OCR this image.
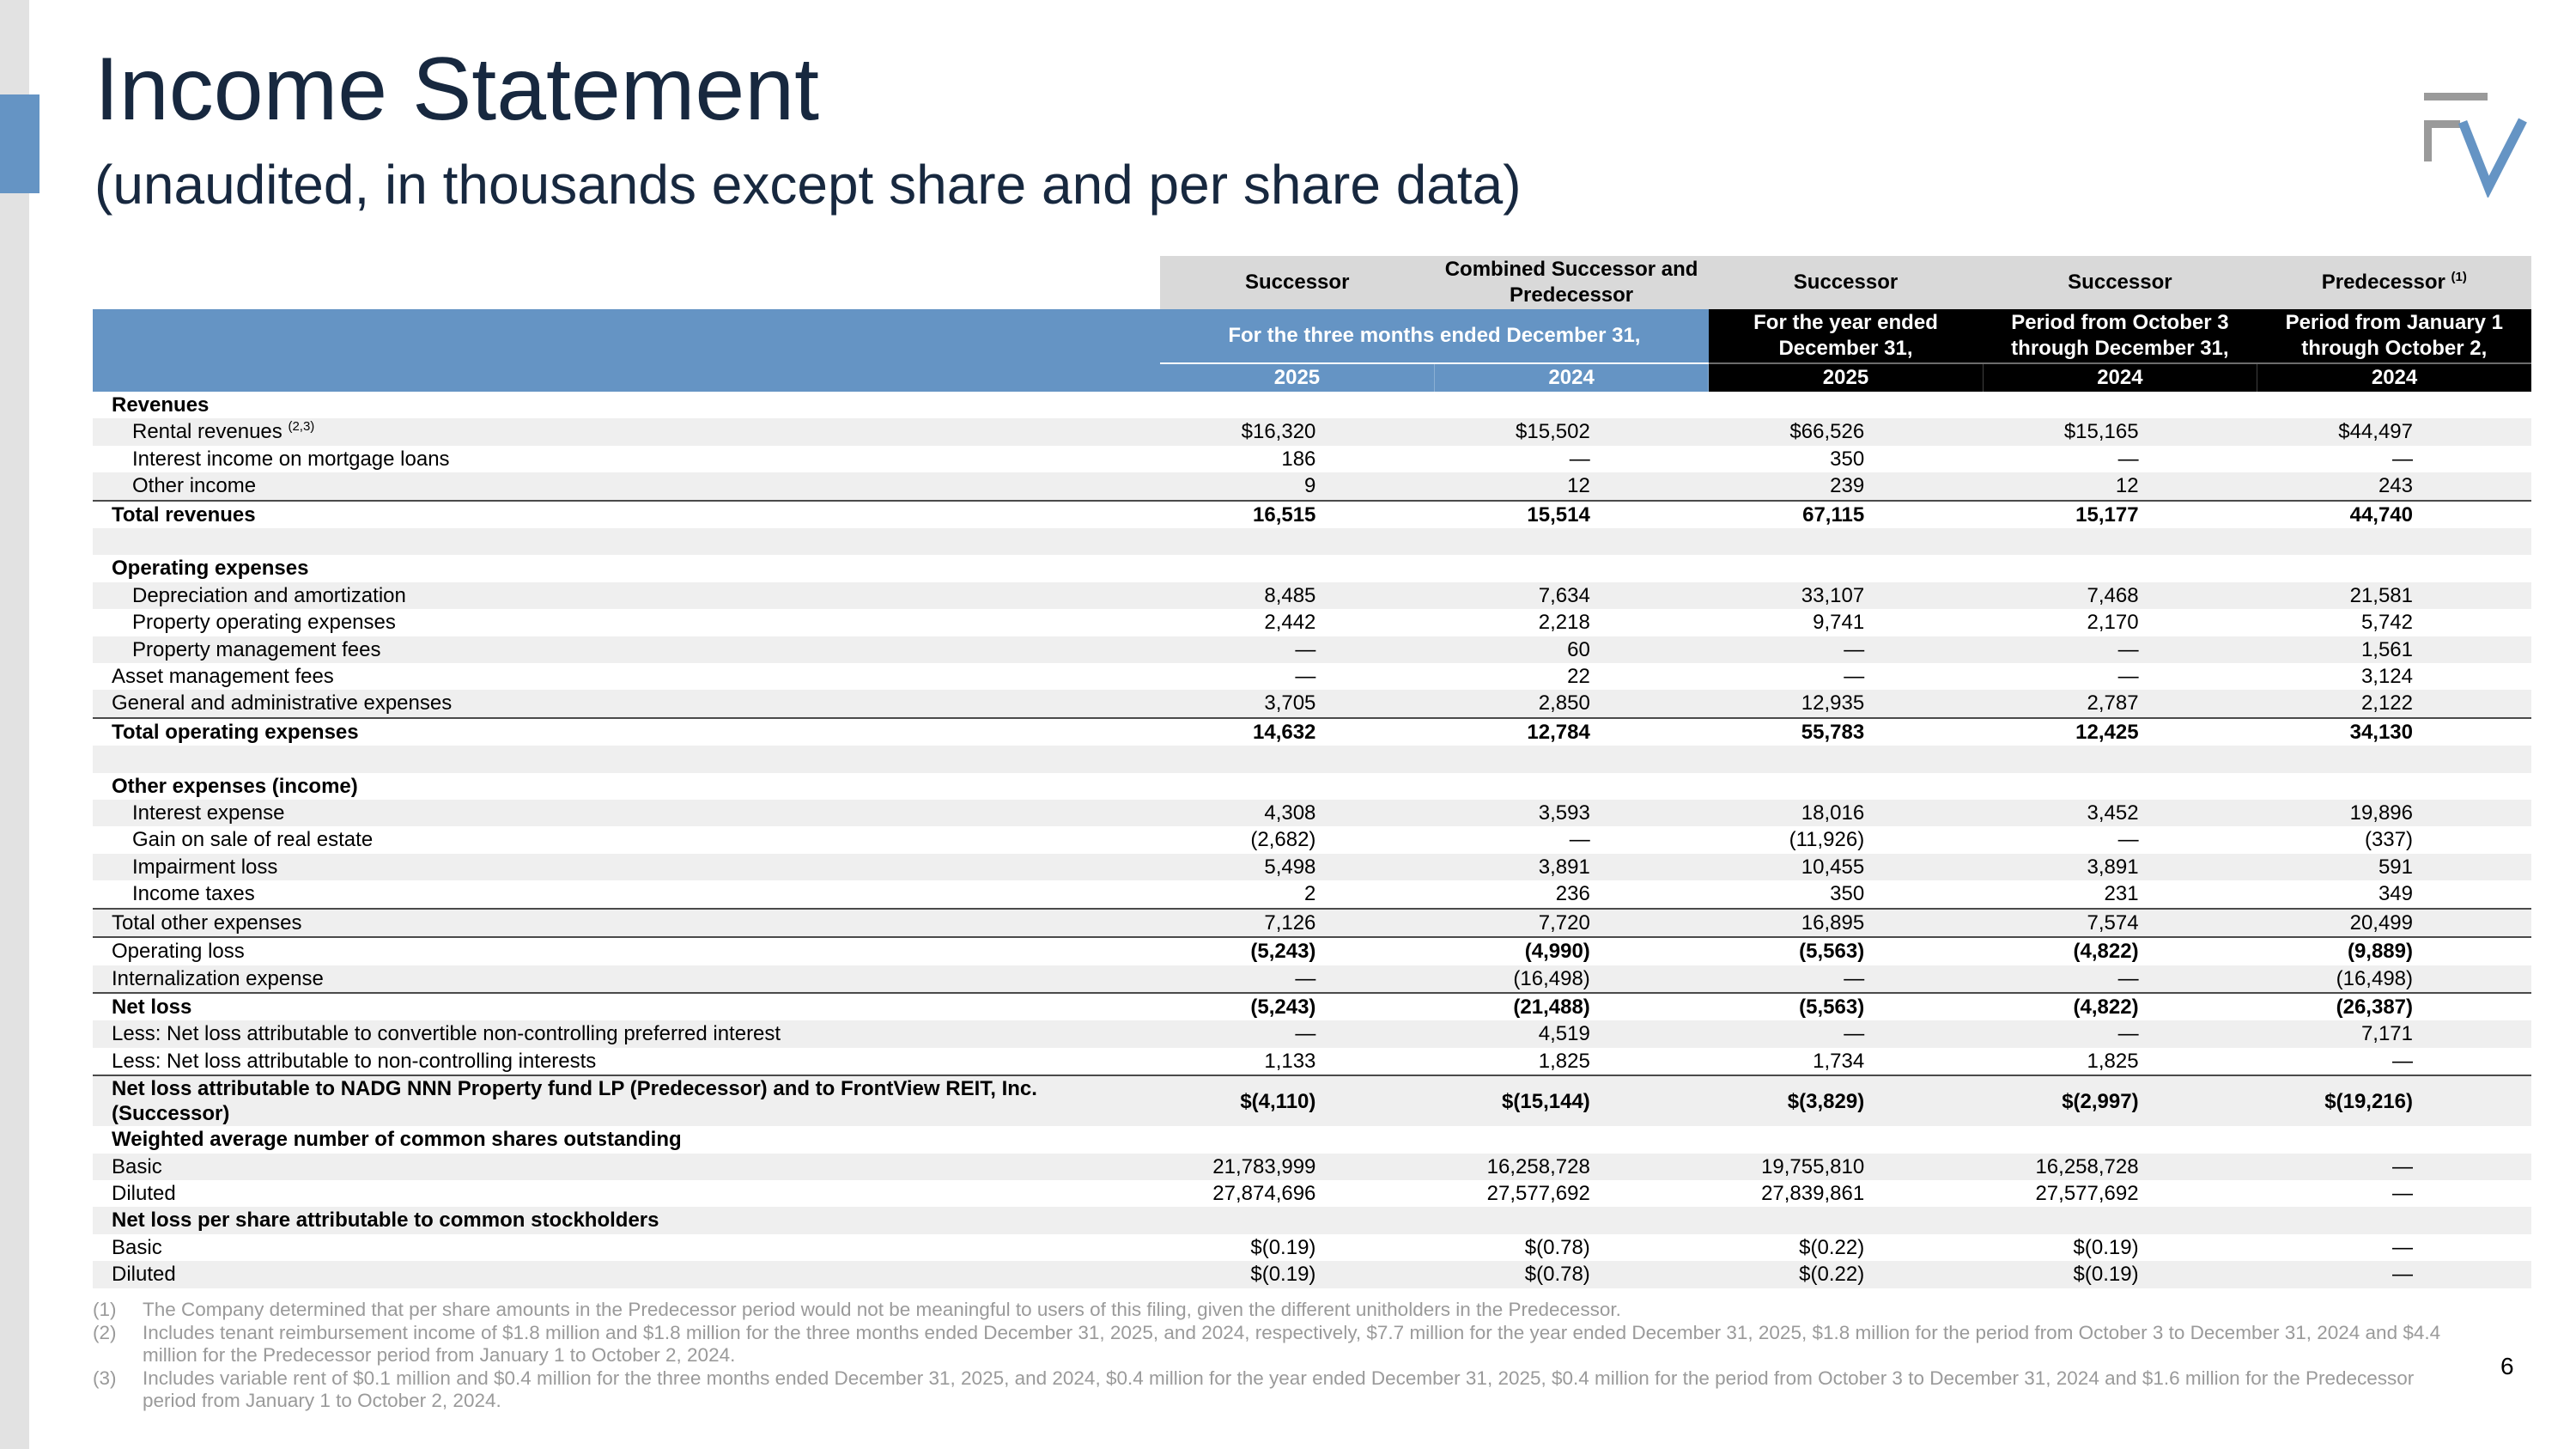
Income Statement
(unaudited, in thousands except share and per share data)
	Successor	Combined Successor and Predecessor	Successor	Successor	Predecessor $^{(1)}$
	For the three months ended December 31,		For the year ended December 31,	Period from October 3 through December 31,	Period from January 1 through October 2,
	2025	2024	2025	2024	2024
Revenues					
Rental revenues $^{(2,3)}$	$16,320	$15,502	$66,526	$15,165	$44,497
Interest income on mortgage loans	186	—	350	—	—
Other income	9	12	239	12	243
Total revenues	16,515	15,514	67,115	15,177	44,740

Operating expenses					
Depreciation and amortization	8,485	7,634	33,107	7,468	21,581
Property operating expenses	2,442	2,218	9,741	2,170	5,742
Property management fees	—	60	—	—	1,561
Asset management fees	—	22	—	—	3,124
General and administrative expenses	3,705	2,850	12,935	2,787	2,122
Total operating expenses	14,632	12,784	55,783	12,425	34,130

Other expenses (income)					
Interest expense	4,308	3,593	18,016	3,452	19,896
Gain on sale of real estate	(2,682)	—	(11,926)	—	(337)
Impairment loss	5,498	3,891	10,455	3,891	591
Income taxes	2	236	350	231	349
Total other expenses	7,126	7,720	16,895	7,574	20,499
Operating loss	(5,243)	(4,990)	(5,563)	(4,822)	(9,889)
Internalization expense	—	(16,498)	—	—	(16,498)
Net loss	(5,243)	(21,488)	(5,563)	(4,822)	(26,387)
Less: Net loss attributable to convertible non-controlling preferred interest	—	4,519	—	—	7,171
Less: Net loss attributable to non-controlling interests	1,133	1,825	1,734	1,825	—
Net loss attributable to NADG NNN Property fund LP (Predecessor) and to FrontView REIT, Inc. (Successor)	$(4,110)	$(15,144)	$(3,829)	$(2,997)	$(19,216)
Weighted average number of common shares outstanding					
Basic	21,783,999	16,258,728	19,755,810	16,258,728	—
Diluted	27,874,696	27,577,692	27,839,861	27,577,692	—
Net loss per share attributable to common stockholders					
Basic	$(0.19)	$(0.78)	$(0.22)	$(0.19)	—
Diluted	$(0.19)	$(0.78)	$(0.22)	$(0.19)	—
(1)	The Company determined that per share amounts in the Predecessor period would not be meaningful to users of this filing, given the different unitholders in the Predecessor.
(2)	Includes tenant reimbursement income of $1.8 million and $1.8 million for the three months ended December 31, 2025, and 2024, respectively, $7.7 million for the year ended December 31, 2025, $1.8 million for the period from October 3 to December 31, 2024 and $4.4 million for the Predecessor period from January 1 to October 2, 2024.
(3)	Includes variable rent of $0.1 million and $0.4 million for the three months ended December 31, 2025, and 2024, $0.4 million for the year ended December 31, 2025, $0.4 million for the period from October 3 to December 31, 2024 and $1.6 million for the Predecessor period from January 1 to October 2, 2024.
6
